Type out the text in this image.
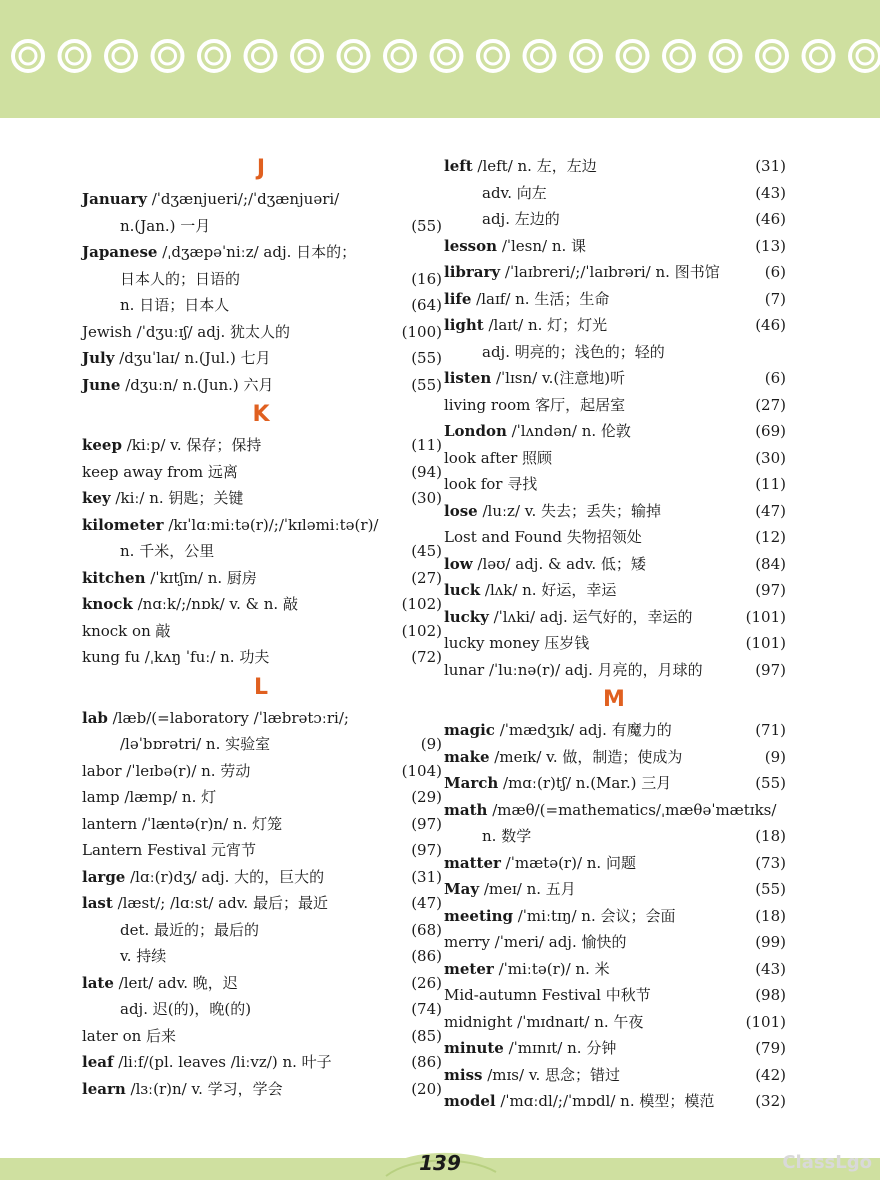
J
January /ˈdʒænjueri/;/ˈdʒænjuəri/
n.(Jan.) 一月	(55)
Japanese /ˌdʒæpəˈniːz/ adj. 日本的；
日本人的；日语的	(16)
n. 日语；日本人	(64)
Jewish /ˈdʒuːɪʃ/ adj. 犹太人的	(100)
July /dʒuˈlaɪ/ n.(Jul.) 七月	(55)
June /dʒuːn/ n.(Jun.) 六月	(55)
K
keep /kiːp/ v. 保存；保持	(11)
keep away from 远离	(94)
key /kiː/ n. 钥匙；关键	(30)
kilometer /kɪˈlɑːmiːtə(r)/;/ˈkɪləmiːtə(r)/
n. 千米，公里	(45)
kitchen /ˈkɪtʃɪn/ n. 厨房	(27)
knock /nɑːk/;/nɒk/ v. & n. 敲	(102)
knock on 敲	(102)
kung fu /ˌkʌŋ ˈfuː/ n. 功夫	(72)
L
lab /læb/(=laboratory /ˈlæbrətɔːri/;
/ləˈbɒrətri/ n. 实验室	(9)
labor /ˈleɪbə(r)/ n. 劳动	(104)
lamp /læmp/ n. 灯	(29)
lantern /ˈlæntə(r)n/ n. 灯笼	(97)
Lantern Festival 元宵节	(97)
large /lɑː(r)dʒ/ adj. 大的，巨大的	(31)
last /læst/; /lɑːst/ adv. 最后；最近	(47)
det. 最近的；最后的	(68)
v. 持续	(86)
late /leɪt/ adv. 晚，迟	(26)
adj. 迟(的)，晚(的)	(74)
later on 后来	(85)
leaf /liːf/(pl. leaves /liːvz/) n. 叶子	(86)
learn /lɜː(r)n/ v. 学习，学会	(20)
left /left/ n. 左，左边	(31)
adv. 向左	(43)
adj. 左边的	(46)
lesson /ˈlesn/ n. 课	(13)
library /ˈlaɪbreri/;/ˈlaɪbrəri/ n. 图书馆	(6)
life /laɪf/ n. 生活；生命	(7)
light /laɪt/ n. 灯；灯光	(46)
adj. 明亮的；浅色的；轻的
listen /ˈlɪsn/ v.(注意地)听	(6)
living room 客厅，起居室	(27)
London /ˈlʌndən/ n. 伦敦	(69)
look after 照顾	(30)
look for 寻找	(11)
lose /luːz/ v. 失去；丢失；输掉	(47)
Lost and Found 失物招领处	(12)
low /ləʊ/ adj. & adv. 低；矮	(84)
luck /lʌk/ n. 好运，幸运	(97)
lucky /ˈlʌki/ adj. 运气好的，幸运的	(101)
lucky money 压岁钱	(101)
lunar /ˈluːnə(r)/ adj. 月亮的，月球的	(97)
M
magic /ˈmædʒɪk/ adj. 有魔力的	(71)
make /meɪk/ v. 做，制造；使成为	(9)
March /mɑː(r)tʃ/ n.(Mar.) 三月	(55)
math /mæθ/(=mathematics/ˌmæθəˈmætɪks/
n. 数学	(18)
matter /ˈmætə(r)/ n. 问题	(73)
May /meɪ/ n. 五月	(55)
meeting /ˈmiːtɪŋ/ n. 会议；会面	(18)
merry /ˈmeri/ adj. 愉快的	(99)
meter /ˈmiːtə(r)/ n. 米	(43)
Mid-autumn Festival 中秋节	(98)
midnight /ˈmɪdnaɪt/ n. 午夜	(101)
minute /ˈmɪnɪt/ n. 分钟	(79)
miss /mɪs/ v. 思念；错过	(42)
model /ˈmɑːdl/;/ˈmɒdl/ n. 模型；模范	(32)
139	ClassLgo
